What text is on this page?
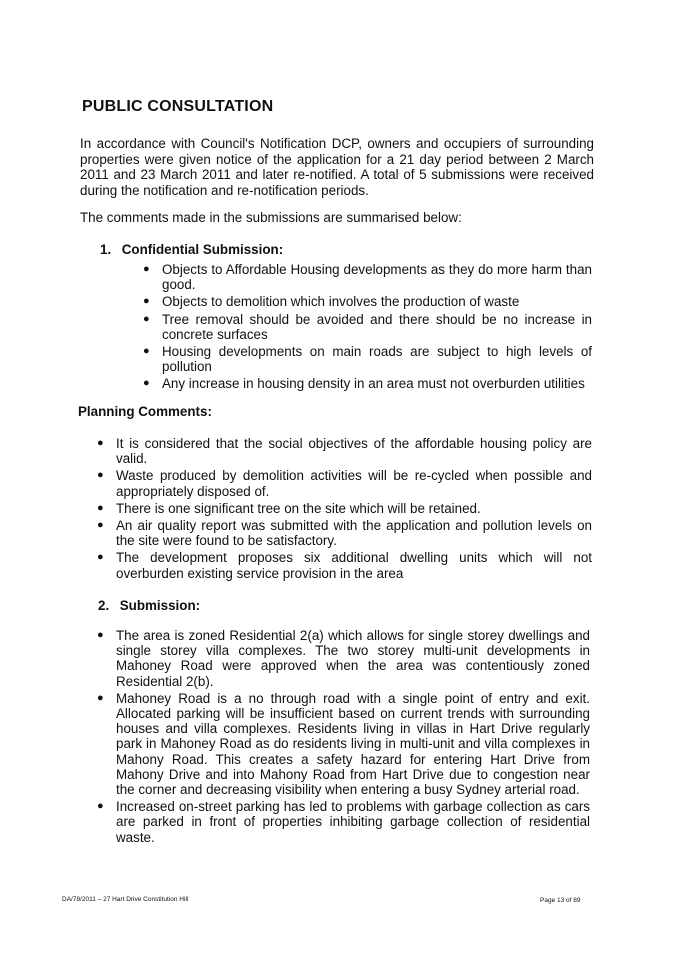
PUBLIC CONSULTATION

In accordance with Council's Notification DCP, owners and occupiers of surrounding properties were given notice of the application for a 21 day period between 2 March 2011 and 23 March 2011 and later re-notified. A total of 5 submissions were received during the notification and re-notification periods.

The comments made in the submissions are summarised below:

1. Confidential Submission:

● Objects to Affordable Housing developments as they do more harm than good.
● Objects to demolition which involves the production of waste
● Tree removal should be avoided and there should be no increase in concrete surfaces
● Housing developments on main roads are subject to high levels of pollution
● Any increase in housing density in an area must not overburden utilities

Planning Comments:

● It is considered that the social objectives of the affordable housing policy are valid.
● Waste produced by demolition activities will be re-cycled when possible and appropriately disposed of.
● There is one significant tree on the site which will be retained.
● An air quality report was submitted with the application and pollution levels on the site were found to be satisfactory.
● The development proposes six additional dwelling units which will not overburden existing service provision in the area

2. Submission:

● The area is zoned Residential 2(a) which allows for single storey dwellings and single storey villa complexes. The two storey multi-unit developments in Mahoney Road were approved when the area was contentiously zoned Residential 2(b).
● Mahoney Road is a no through road with a single point of entry and exit. Allocated parking will be insufficient based on current trends with surrounding houses and villa complexes. Residents living in villas in Hart Drive regularly park in Mahoney Road as do residents living in multi-unit and villa complexes in Mahony Road. This creates a safety hazard for entering Hart Drive from Mahony Drive and into Mahony Road from Hart Drive due to congestion near the corner and decreasing visibility when entering a busy Sydney arterial road.
● Increased on-street parking has led to problems with garbage collection as cars are parked in front of properties inhibiting garbage collection of residential waste.

DA/78/2011 – 27 Hart Drive Constitution Hill	Page 13 of 89
